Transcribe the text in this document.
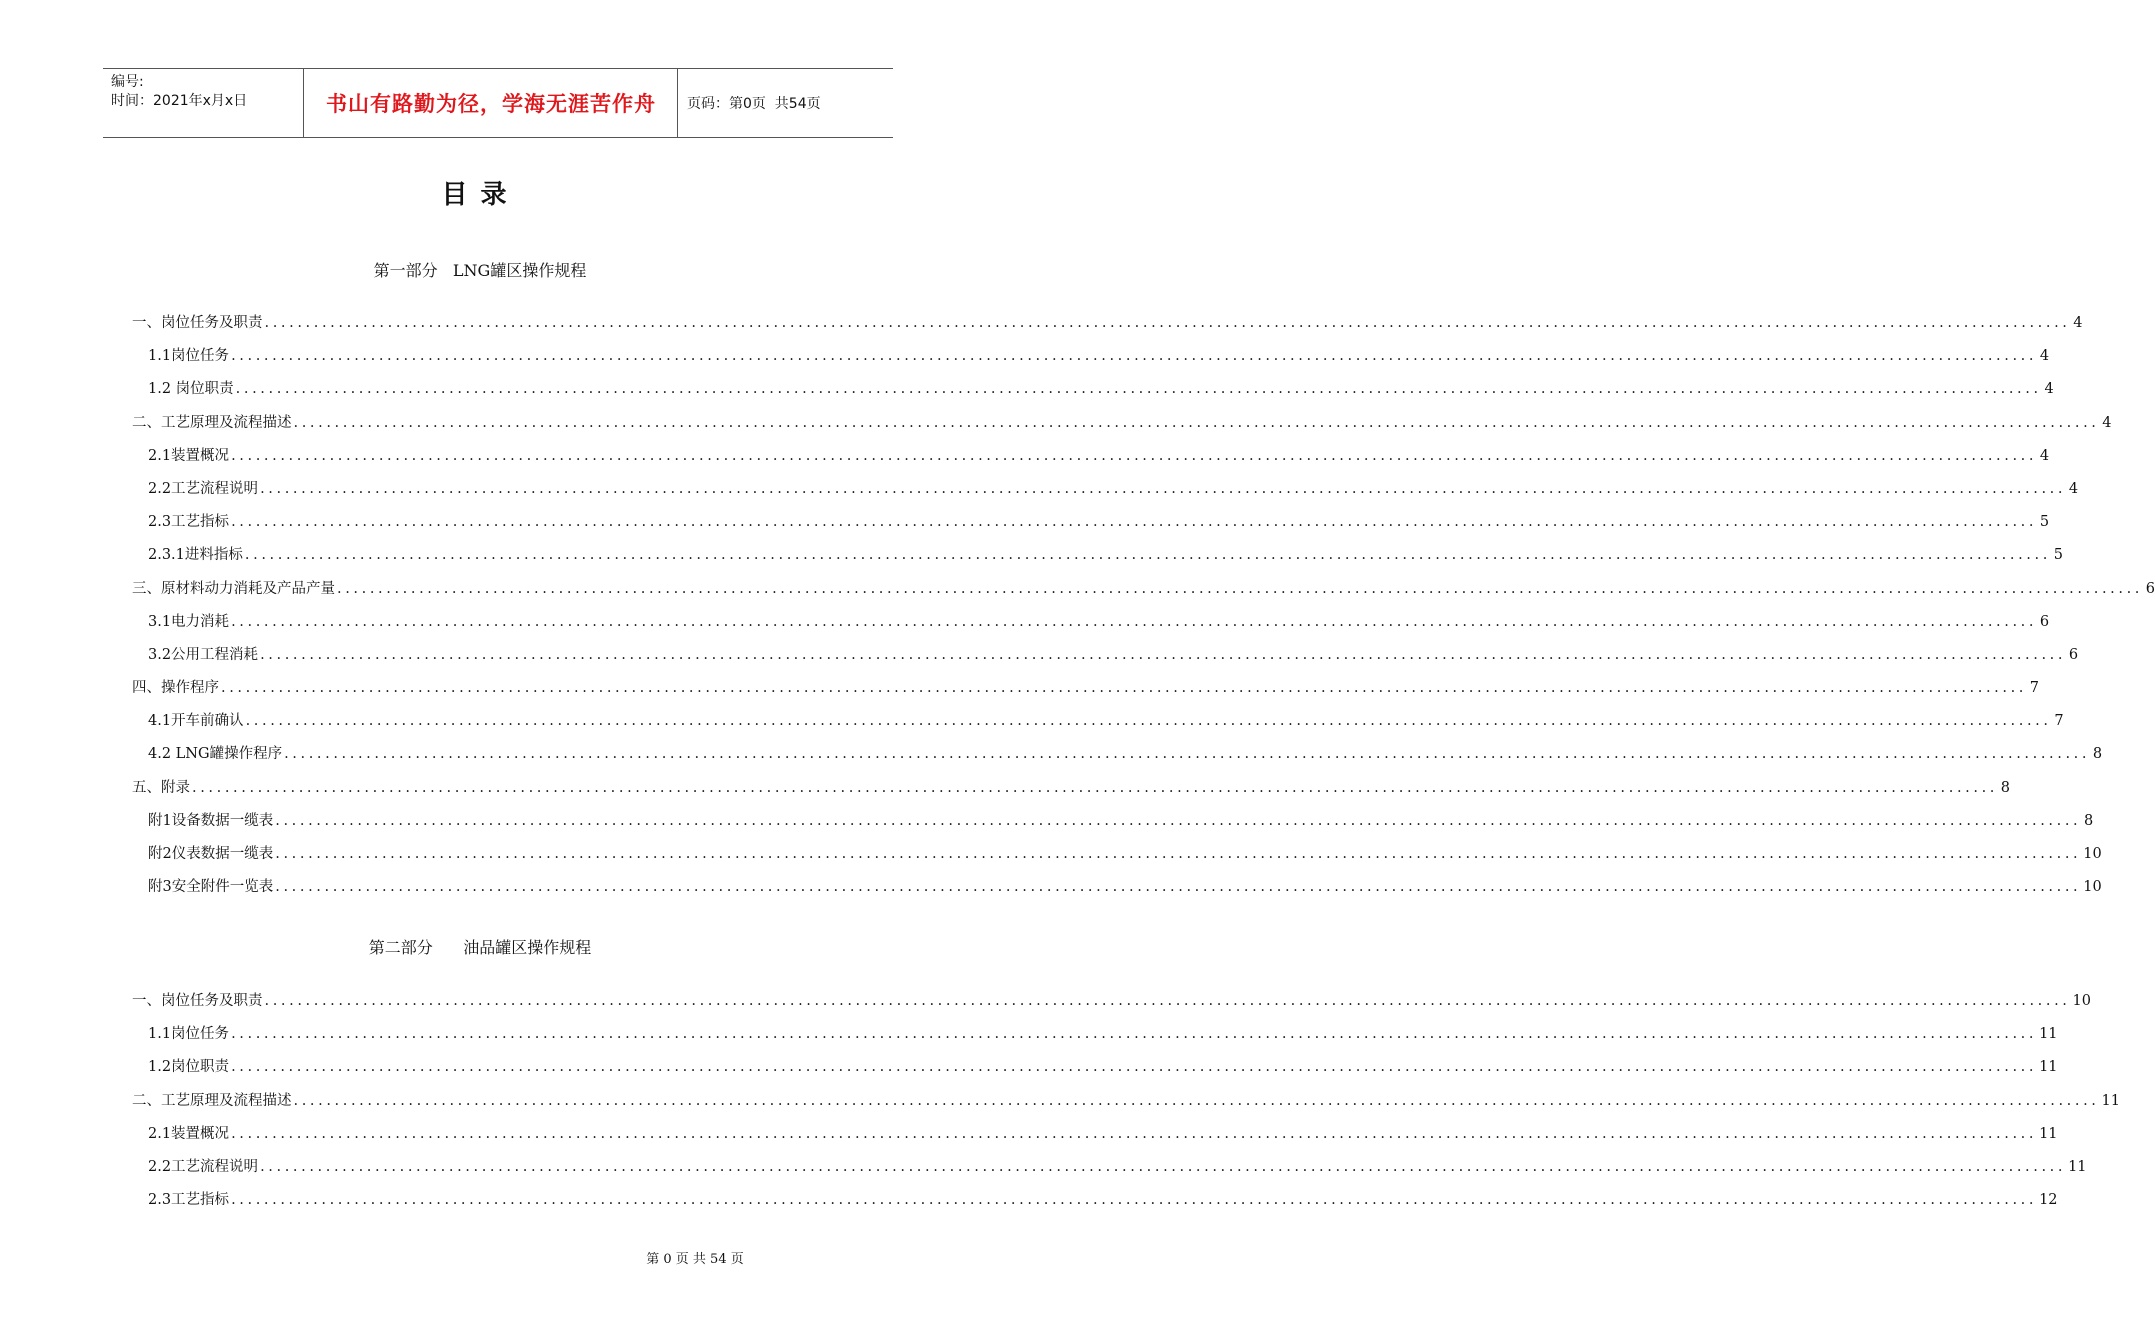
编号:
时间：2021年x月x日	书山有路勤为径，学海无涯苦作舟	页码：第0页  共54页
目 录
第一部分   LNG罐区操作规程
一、岗位任务及职责 ............................................................................................................................................................................................................................ 4
1.1岗位任务 ............................................................................................................................................................................................................................ 4
1.2 岗位职责 ............................................................................................................................................................................................................................ 4
二、工艺原理及流程描述 ............................................................................................................................................................................................................................ 4
2.1装置概况 ............................................................................................................................................................................................................................ 4
2.2工艺流程说明 ............................................................................................................................................................................................................................ 4
2.3工艺指标 ............................................................................................................................................................................................................................ 5
2.3.1进料指标 ............................................................................................................................................................................................................................ 5
三、原材料动力消耗及产品产量 ............................................................................................................................................................................................................................ 6
3.1电力消耗 ............................................................................................................................................................................................................................ 6
3.2公用工程消耗 ............................................................................................................................................................................................................................ 6
四、操作程序 ............................................................................................................................................................................................................................ 7
4.1开车前确认 ............................................................................................................................................................................................................................ 7
4.2 LNG罐操作程序 ............................................................................................................................................................................................................................ 8
五、附录 ............................................................................................................................................................................................................................ 8
附1设备数据一缆表 ............................................................................................................................................................................................................................ 8
附2仪表数据一缆表 ............................................................................................................................................................................................................................ 10
附3安全附件一览表 ............................................................................................................................................................................................................................ 10
第二部分      油品罐区操作规程
一、岗位任务及职责 ............................................................................................................................................................................................................................ 10
1.1岗位任务 ............................................................................................................................................................................................................................ 11
1.2岗位职责 ............................................................................................................................................................................................................................ 11
二、工艺原理及流程描述 ............................................................................................................................................................................................................................ 11
2.1装置概况 ............................................................................................................................................................................................................................ 11
2.2工艺流程说明 ............................................................................................................................................................................................................................ 11
2.3工艺指标 ............................................................................................................................................................................................................................ 12
第 0 页 共 54 页
